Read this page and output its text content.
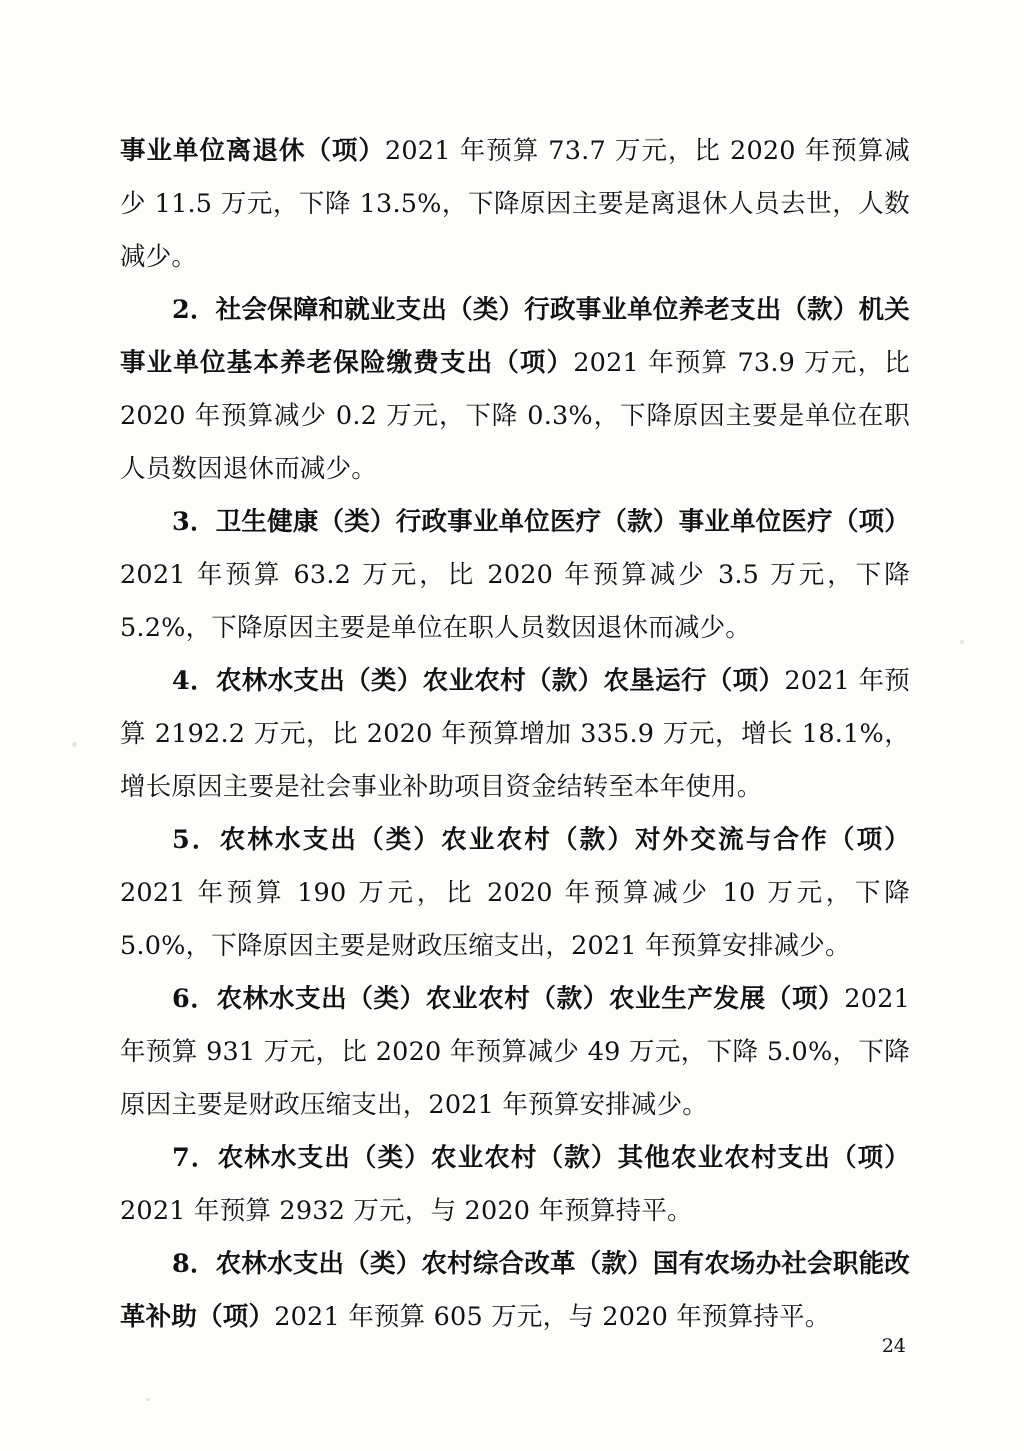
事业单位离退休（项）2021 年预算 73.7 万元，比 2020 年预算减少 11.5 万元，下降 13.5%，下降原因主要是离退休人员去世，人数减少。
2．社会保障和就业支出（类）行政事业单位养老支出（款）机关事业单位基本养老保险缴费支出（项）2021 年预算 73.9 万元，比 2020 年预算减少 0.2 万元，下降 0.3%，下降原因主要是单位在职人员数因退休而减少。
3．卫生健康（类）行政事业单位医疗（款）事业单位医疗（项）2021 年预算 63.2 万元，比 2020 年预算减少 3.5 万元，下降 5.2%，下降原因主要是单位在职人员数因退休而减少。
4．农林水支出（类）农业农村（款）农垦运行（项）2021 年预算 2192.2 万元，比 2020 年预算增加 335.9 万元，增长 18.1%，增长原因主要是社会事业补助项目资金结转至本年使用。
5．农林水支出（类）农业农村（款）对外交流与合作（项）2021 年预算 190 万元，比 2020 年预算减少 10 万元，下降 5.0%，下降原因主要是财政压缩支出，2021 年预算安排减少。
6．农林水支出（类）农业农村（款）农业生产发展（项）2021 年预算 931 万元，比 2020 年预算减少 49 万元，下降 5.0%，下降原因主要是财政压缩支出，2021 年预算安排减少。
7．农林水支出（类）农业农村（款）其他农业农村支出（项）2021 年预算 2932 万元，与 2020 年预算持平。
8．农林水支出（类）农村综合改革（款）国有农场办社会职能改革补助（项）2021 年预算 605 万元，与 2020 年预算持平。
24
